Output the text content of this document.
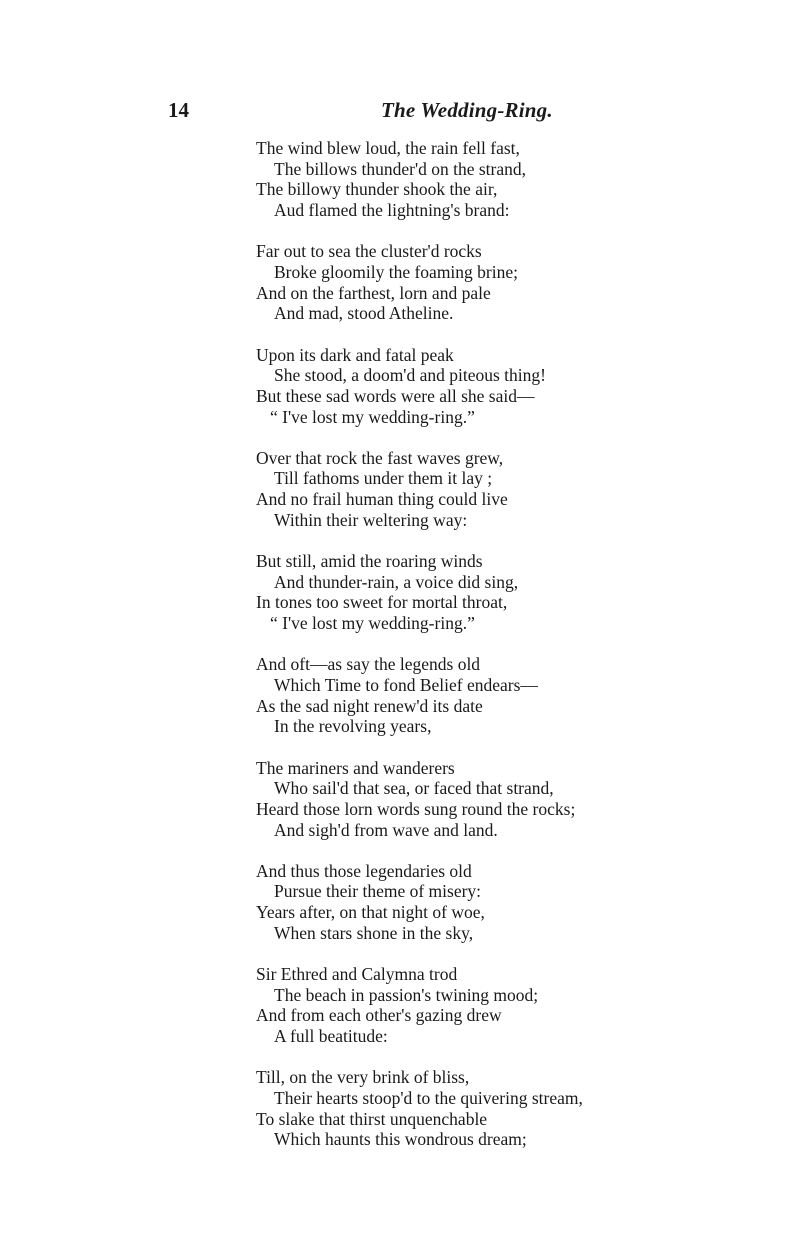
14	The Wedding-Ring.
The wind blew loud, the rain fell fast,
The billows thunder'd on the strand,
The billowy thunder shook the air,
Aud flamed the lightning's brand:
Far out to sea the cluster'd rocks
Broke gloomily the foaming brine;
And on the farthest, lorn and pale
And mad, stood Atheline.
Upon its dark and fatal peak
She stood, a doom'd and piteous thing!
But these sad words were all she said—
“ I've lost my wedding-ring.”
Over that rock the fast waves grew,
Till fathoms under them it lay ;
And no frail human thing could live
Within their weltering way:
But still, amid the roaring winds
And thunder-rain, a voice did sing,
In tones too sweet for mortal throat,
“ I've lost my wedding-ring.”
And oft—as say the legends old
Which Time to fond Belief endears—
As the sad night renew'd its date
In the revolving years,
The mariners and wanderers
Who sail'd that sea, or faced that strand,
Heard those lorn words sung round the rocks;
And sigh'd from wave and land.
And thus those legendaries old
Pursue their theme of misery:
Years after, on that night of woe,
When stars shone in the sky,
Sir Ethred and Calymna trod
The beach in passion's twining mood;
And from each other's gazing drew
A full beatitude:
Till, on the very brink of bliss,
Their hearts stoop'd to the quivering stream,
To slake that thirst unquenchable
Which haunts this wondrous dream;
